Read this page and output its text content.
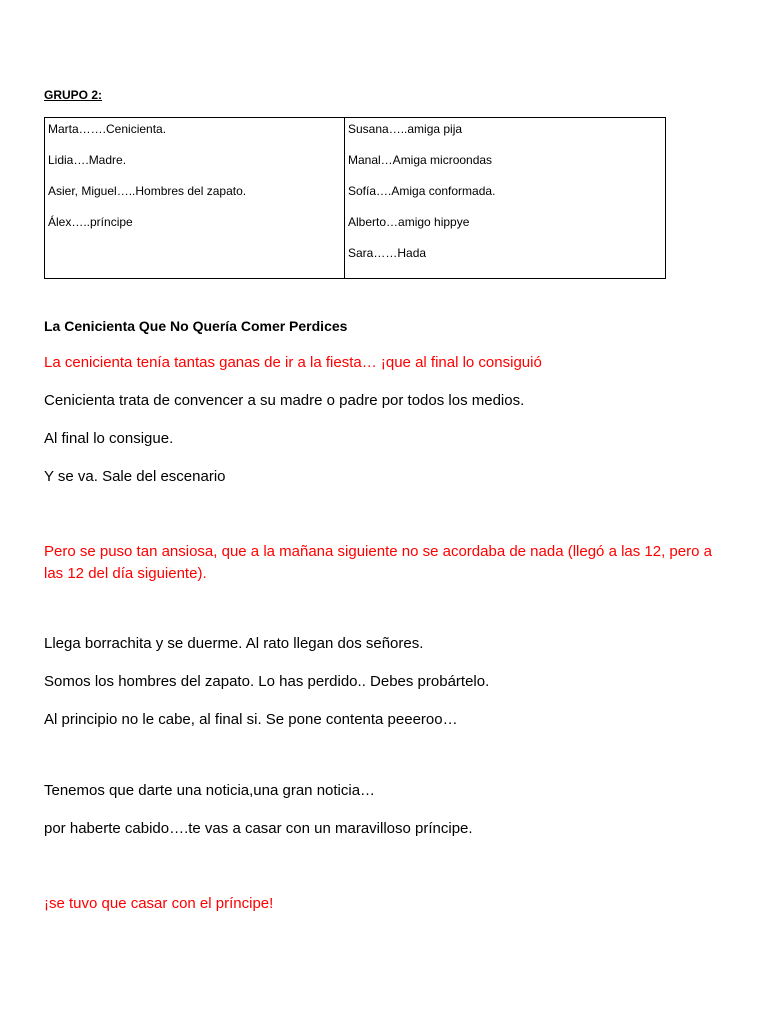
GRUPO 2:
Marta…….Cenicienta.
Lidia….Madre.
Asier, Miguel…..Hombres del zapato.
Álex…..príncipe
Susana…..amiga pija
Manal…Amiga microondas
Sofía….Amiga conformada.
Alberto…amigo hippye
Sara……Hada
La Cenicienta Que No Quería Comer Perdices
La cenicienta tenía tantas ganas de ir a la fiesta… ¡que al final lo consiguió
Cenicienta trata de convencer a su madre o padre por todos los medios.
Al final lo consigue.
Y se va. Sale del escenario
Pero se puso tan ansiosa, que a la mañana siguiente no se acordaba de nada (llegó a las 12, pero a las 12 del día siguiente).
Llega borrachita y se duerme. Al rato llegan dos señores.
Somos los hombres del zapato. Lo has perdido.. Debes probártelo.
Al principio no le cabe, al final si. Se pone contenta peeeroo…
Tenemos que darte una noticia,una gran noticia…
por haberte cabido….te vas a casar con un maravilloso príncipe.
¡se tuvo que casar con el príncipe!
